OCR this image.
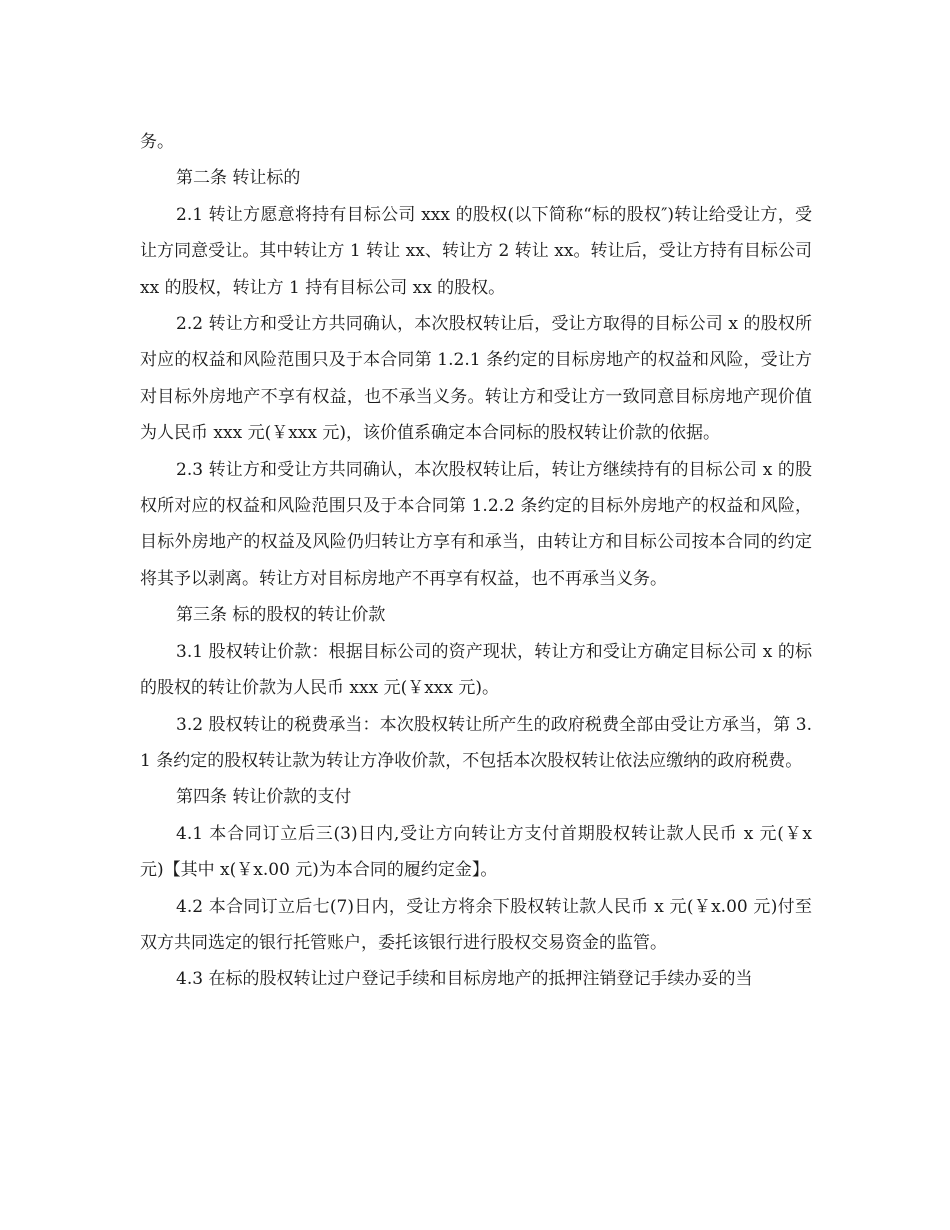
务。

第二条 转让标的

2.1 转让方愿意将持有目标公司 xxx 的股权(以下简称“标的股权″)转让给受让方，受让方同意受让。其中转让方 1 转让 xx、转让方 2 转让 xx。转让后，受让方持有目标公司 xx 的股权，转让方 1 持有目标公司 xx 的股权。

2.2 转让方和受让方共同确认，本次股权转让后，受让方取得的目标公司 x 的股权所对应的权益和风险范围只及于本合同第 1.2.1 条约定的目标房地产的权益和风险，受让方对目标外房地产不享有权益，也不承当义务。转让方和受让方一致同意目标房地产现价值为人民币 xxx 元(￥xxx 元)，该价值系确定本合同标的股权转让价款的依据。

2.3 转让方和受让方共同确认，本次股权转让后，转让方继续持有的目标公司 x 的股权所对应的权益和风险范围只及于本合同第 1.2.2 条约定的目标外房地产的权益和风险，目标外房地产的权益及风险仍归转让方享有和承当，由转让方和目标公司按本合同的约定将其予以剥离。转让方对目标房地产不再享有权益，也不再承当义务。

第三条 标的股权的转让价款

3.1 股权转让价款：根据目标公司的资产现状，转让方和受让方确定目标公司 x 的标的股权的转让价款为人民币 xxx 元(￥xxx 元)。

3.2 股权转让的税费承当：本次股权转让所产生的政府税费全部由受让方承当，第 3.1 条约定的股权转让款为转让方净收价款，不包括本次股权转让依法应缴纳的政府税费。

第四条 转让价款的支付

4.1 本合同订立后三(3)日内,受让方向转让方支付首期股权转让款人民币 x 元(￥x 元)【其中 x(￥x.00 元)为本合同的履约定金】。

4.2 本合同订立后七(7)日内，受让方将余下股权转让款人民币 x 元(￥x.00 元)付至双方共同选定的银行托管账户，委托该银行进行股权交易资金的监管。

4.3 在标的股权转让过户登记手续和目标房地产的抵押注销登记手续办妥的当
